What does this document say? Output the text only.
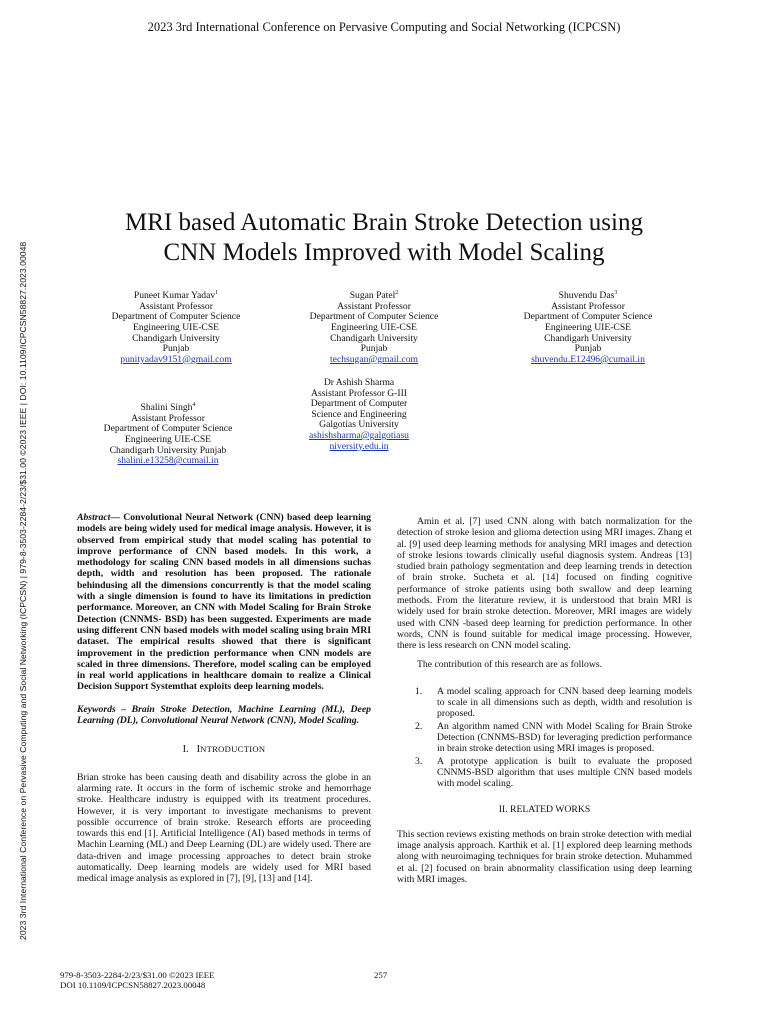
2023 3rd International Conference on Pervasive Computing and Social Networking (ICPCSN)
2023 3rd International Conference on Pervasive Computing and Social Networking (ICPCSN) | 979-8-3503-2284-2/23/$31.00 ©2023 IEEE | DOI: 10.1109/ICPCSN58827.2023.00048
MRI based Automatic Brain Stroke Detection using
CNN Models Improved with Model Scaling
Puneet Kumar Yadav$^1$
Assistant Professor
Department of Computer Science
Engineering UIE-CSE
Chandigarh University
Punjab
punityadav9151@gmail.com
Sugan Patel$^2$
Assistant Professor
Department of Computer Science
Engineering UIE-CSE
Chandigarh University
Punjab
techsugan@gmail.com
Shuvendu Das$^3$
Assistant Professor
Department of Computer Science
Engineering UIE-CSE
Chandigarh University
Punjab
shuvendu.E12496@cumail.in
Shalini Singh$^4$
Assistant Professor
Department of Computer Science
Engineering UIE-CSE
Chandigarh University Punjab
shalini.e13258@cumail.in
Dr Ashish Sharma
Assistant Professor G-III
Department of Computer
Science and Engineering
Galgotias University
ashishsharma@galgotiasu
niversity.edu.in

Abstract— Convolutional Neural Network (CNN) based deep learning models are being widely used for medical image analysis. However, it is observed from empirical study that model scaling has potential to improve performance of CNN based models. In this work, a methodology for scaling CNN based models in all dimensions suchas depth, width and resolution has been proposed. The rationale behindusing all the dimensions concurrently is that the model scaling with a single dimension is found to have its limitations in prediction performance. Moreover, an CNN with Model Scaling for Brain Stroke Detection (CNNMS- BSD) has been suggested. Experiments are made using different CNN based models with model scaling using brain MRI dataset. The empirical results showed that there is significant improvement in the prediction performance when CNN models are scaled in three dimensions. Therefore, model scaling can be employed in real world applications in healthcare domain to realize a Clinical Decision Support Systemthat exploits deep learning models.

Keywords – Brain Stroke Detection, Machine Learning (ML), Deep Learning (DL), Convolutional Neural Network (CNN), Model Scaling.

I. INTRODUCTION

Brian stroke has been causing death and disability across the globe in an alarming rate. It occurs in the form of ischemic stroke and hemorrhage stroke. Healthcare industry is equipped with its treatment procedures. However, it is very important to investigate mechanisms to prevent possible occurrence of brain stroke. Research efforts are proceeding towards this end [1]. Artificial Intelligence (AI) based methods in terms of Machin Learning (ML) and Deep Learning (DL) are widely used. There are data-driven and image processing approaches to detect brain stroke automatically. Deep learning models are widely used for MRI based medical image analysis as explored in [7], [9], [13] and [14].

Amin et al. [7] used CNN along with batch normalization for the detection of stroke lesion and glioma detection using MRI images. Zhang et al. [9] used deep learning methods for analysing MRI images and detection of stroke lesions towards clinically useful diagnosis system. Andreas [13] studied brain pathology segmentation and deep learning trends in detection of brain stroke. Sucheta et al. [14] focused on finding cognitive performance of stroke patients using both swallow and deep learning methods. From the literature review, it is understood that brain MRI is widely used for brain stroke detection. Moreover, MRI images are widely used with CNN -based deep learning for prediction performance. In other words, CNN is found suitable for medical image processing. However, there is less research on CNN model scaling.

The contribution of this research are as follows.

1. A model scaling approach for CNN based deep learning models to scale in all dimensions such as depth, width and resolution is proposed.
2. An algorithm named CNN with Model Scaling for Brain Stroke Detection (CNNMS-BSD) for leveraging prediction performance in brain stroke detection using MRI images is proposed.
3. A prototype application is built to evaluate the proposed CNNMS-BSD algorithm that uses multiple CNN based models with model scaling.
II. RELATED WORKS

This section reviews existing methods on brain stroke detection with medial image analysis approach. Karthik et al. [1] explored deep learning methods along with neuroimaging techniques for brain stroke detection. Muhammed et al. [2] focused on brain abnormality classification using deep learning with MRI images.

979-8-3503-2284-2/23/$31.00 ©2023 IEEE
DOI 10.1109/ICPCSN58827.2023.00048
257
